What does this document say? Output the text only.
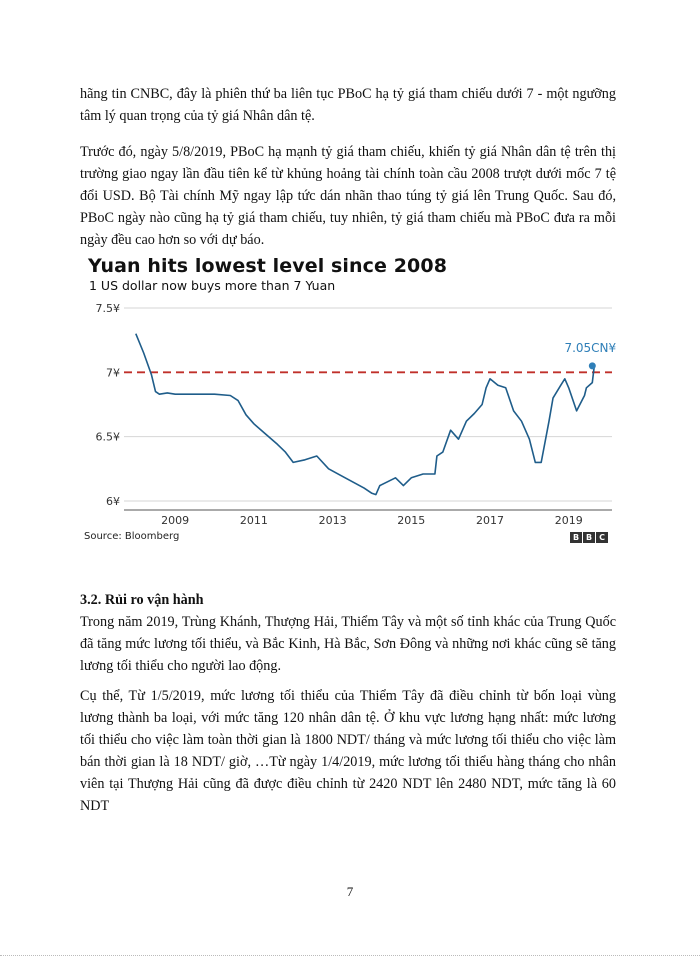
hãng tin CNBC, đây là phiên thứ ba liên tục PBoC hạ tỷ giá tham chiếu dưới 7 - một ngưỡng tâm lý quan trọng của tỷ giá Nhân dân tệ.

Trước đó, ngày 5/8/2019, PBoC hạ mạnh tỷ giá tham chiếu, khiến tỷ giá Nhân dân tệ trên thị trường giao ngay lần đầu tiên kể từ khủng hoảng tài chính toàn cầu 2008 trượt dưới mốc 7 tệ đổi USD. Bộ Tài chính Mỹ ngay lập tức dán nhãn thao túng tỷ giá lên Trung Quốc. Sau đó, PBoC ngày nào cũng hạ tỷ giá tham chiếu, tuy nhiên, tỷ giá tham chiếu mà PBoC đưa ra mỗi ngày đều cao hơn so với dự báo.

7.5¥
7¥
6.5¥
6¥
2009	2011	2013	2015	2017	2019
7.05CN¥

Yuan hits lowest level since 2008

1 US dollar now buys more than 7 Yuan

Source: Bloomberg	B B C
3.2. Rủi ro vận hành

Trong năm 2019, Trùng Khánh, Thượng Hải, Thiểm Tây và một số tỉnh khác của Trung Quốc đã tăng mức lương tối thiểu, và Bắc Kinh, Hà Bắc, Sơn Đông và những nơi khác cũng sẽ tăng lương tối thiểu cho người lao động.

Cụ thể, Từ 1/5/2019, mức lương tối thiểu của Thiểm Tây đã điều chỉnh từ bốn loại vùng lương thành ba loại, với mức tăng 120 nhân dân tệ. Ở khu vực lương hạng nhất: mức lương tối thiểu cho việc làm toàn thời gian là 1800 NDT/ tháng và mức lương tối thiểu cho việc làm bán thời gian là 18 NDT/ giờ, …Từ ngày 1/4/2019, mức lương tối thiểu hàng tháng cho nhân viên tại Thượng Hải cũng đã được điều chỉnh từ 2420 NDT lên 2480 NDT, mức tăng là 60 NDT

7
